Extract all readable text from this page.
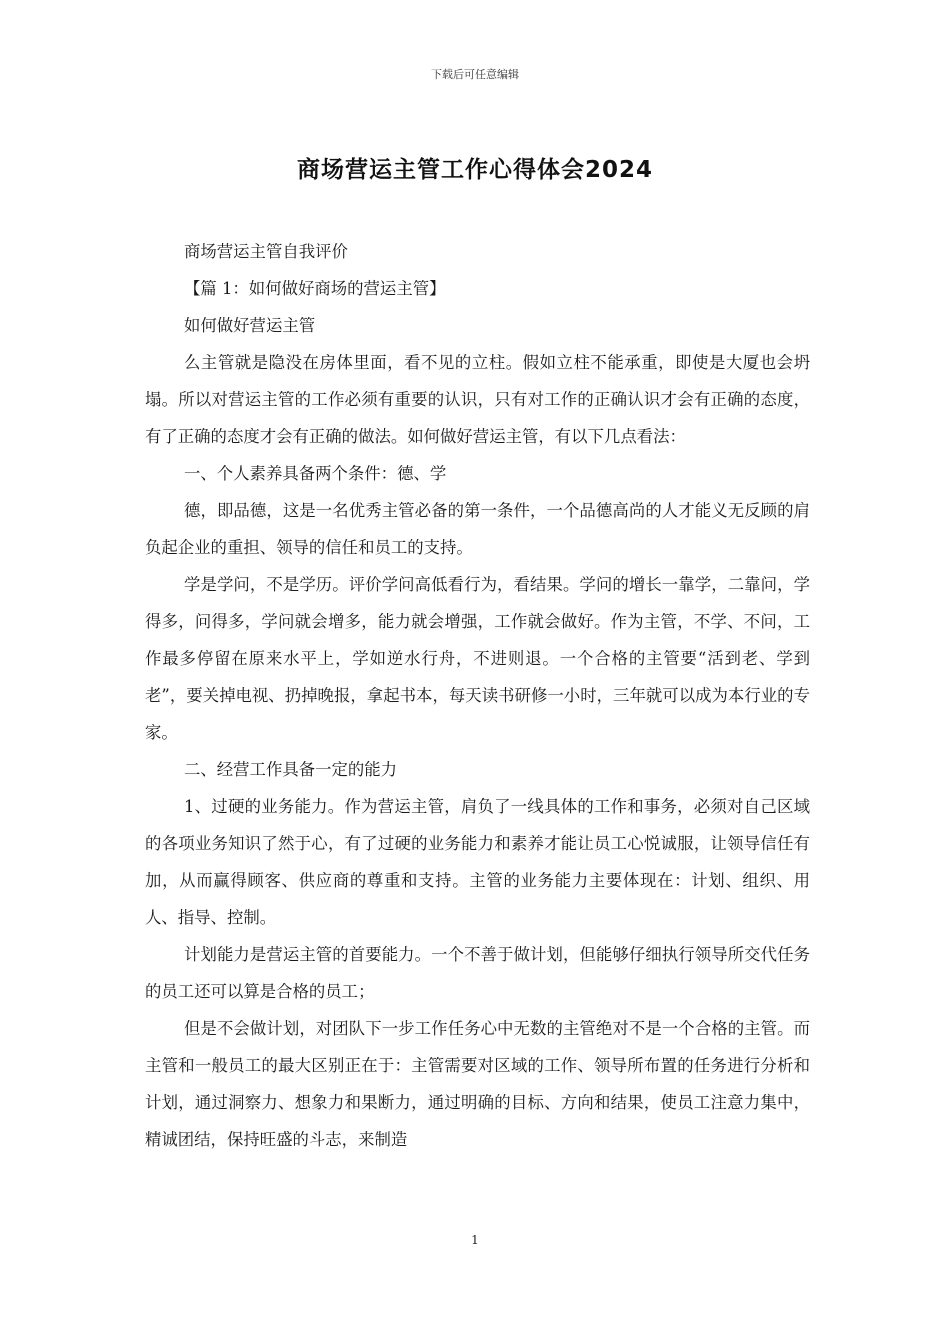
下载后可任意编辑
商场营运主管工作心得体会2024

商场营运主管自我评价

【篇 1：如何做好商场的营运主管】

如何做好营运主管

么主管就是隐没在房体里面，看不见的立柱。假如立柱不能承重，即使是大厦也会坍塌。所以对营运主管的工作必须有重要的认识，只有对工作的正确认识才会有正确的态度，有了正确的态度才会有正确的做法。如何做好营运主管，有以下几点看法：

一、个人素养具备两个条件：德、学

德，即品德，这是一名优秀主管必备的第一条件，一个品德高尚的人才能义无反顾的肩负起企业的重担、领导的信任和员工的支持。

学是学问，不是学历。评价学问高低看行为，看结果。学问的增长一靠学，二靠问，学得多，问得多，学问就会增多，能力就会增强，工作就会做好。作为主管，不学、不问，工作最多停留在原来水平上，学如逆水行舟，不进则退。一个合格的主管要“活到老、学到老”，要关掉电视、扔掉晚报，拿起书本，每天读书研修一小时，三年就可以成为本行业的专家。

二、经营工作具备一定的能力

1、过硬的业务能力。作为营运主管，肩负了一线具体的工作和事务，必须对自己区域的各项业务知识了然于心，有了过硬的业务能力和素养才能让员工心悦诚服，让领导信任有加，从而赢得顾客、供应商的尊重和支持。主管的业务能力主要体现在：计划、组织、用人、指导、控制。

计划能力是营运主管的首要能力。一个不善于做计划，但能够仔细执行领导所交代任务的员工还可以算是合格的员工；

但是不会做计划，对团队下一步工作任务心中无数的主管绝对不是一个合格的主管。而主管和一般员工的最大区别正在于：主管需要对区域的工作、领导所布置的任务进行分析和计划，通过洞察力、想象力和果断力，通过明确的目标、方向和结果，使员工注意力集中，精诚团结，保持旺盛的斗志，来制造

1
